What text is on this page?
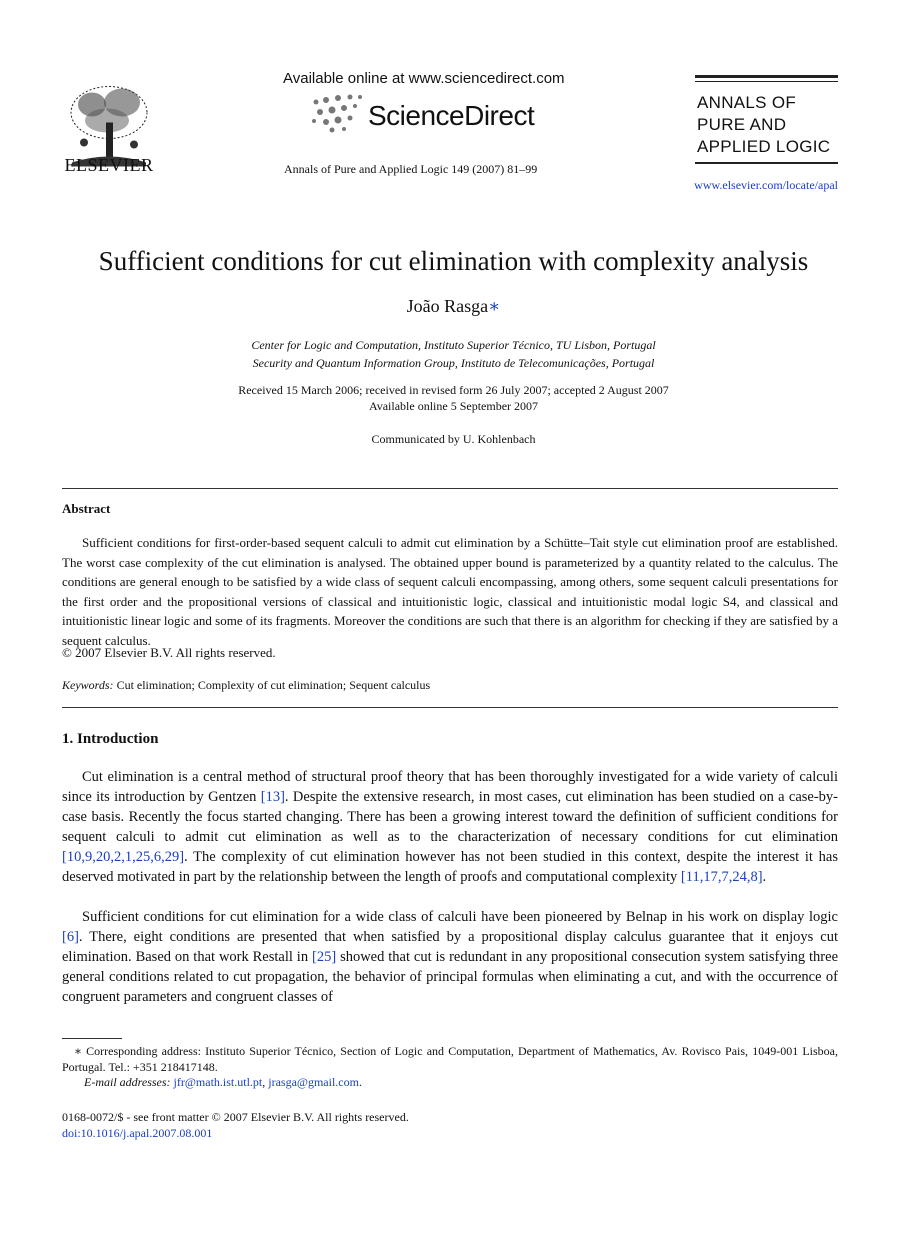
ELSEVIER
Available online at www.sciencedirect.com
ScienceDirect
Annals of Pure and Applied Logic 149 (2007) 81–99
ANNALS OF
PURE AND
APPLIED LOGIC
www.elsevier.com/locate/apal
Sufficient conditions for cut elimination with complexity analysis
João Rasga∗
Center for Logic and Computation, Instituto Superior Técnico, TU Lisbon, Portugal
Security and Quantum Information Group, Instituto de Telecomunicações, Portugal
Received 15 March 2006; received in revised form 26 July 2007; accepted 2 August 2007
Available online 5 September 2007
Communicated by U. Kohlenbach
Abstract
Sufficient conditions for first-order-based sequent calculi to admit cut elimination by a Schütte–Tait style cut elimination proof are established. The worst case complexity of the cut elimination is analysed. The obtained upper bound is parameterized by a quantity related to the calculus. The conditions are general enough to be satisfied by a wide class of sequent calculi encompassing, among others, some sequent calculi presentations for the first order and the propositional versions of classical and intuitionistic logic, classical and intuitionistic modal logic S4, and classical and intuitionistic linear logic and some of its fragments. Moreover the conditions are such that there is an algorithm for checking if they are satisfied by a sequent calculus.
© 2007 Elsevier B.V. All rights reserved.
Keywords: Cut elimination; Complexity of cut elimination; Sequent calculus
1. Introduction
Cut elimination is a central method of structural proof theory that has been thoroughly investigated for a wide variety of calculi since its introduction by Gentzen [13]. Despite the extensive research, in most cases, cut elimination has been studied on a case-by-case basis. Recently the focus started changing. There has been a growing interest toward the definition of sufficient conditions for sequent calculi to admit cut elimination as well as to the characterization of necessary conditions for cut elimination [10,9,20,2,1,25,6,29]. The complexity of cut elimination however has not been studied in this context, despite the interest it has deserved motivated in part by the relationship between the length of proofs and computational complexity [11,17,7,24,8].
Sufficient conditions for cut elimination for a wide class of calculi have been pioneered by Belnap in his work on display logic [6]. There, eight conditions are presented that when satisfied by a propositional display calculus guarantee that it enjoys cut elimination. Based on that work Restall in [25] showed that cut is redundant in any propositional consecution system satisfying three general conditions related to cut propagation, the behavior of principal formulas when eliminating a cut, and with the occurrence of congruent parameters and congruent classes of
∗ Corresponding address: Instituto Superior Técnico, Section of Logic and Computation, Department of Mathematics, Av. Rovisco Pais, 1049-001 Lisboa, Portugal. Tel.: +351 218417148.
E-mail addresses: jfr@math.ist.utl.pt, jrasga@gmail.com.
0168-0072/$ - see front matter © 2007 Elsevier B.V. All rights reserved.
doi:10.1016/j.apal.2007.08.001
